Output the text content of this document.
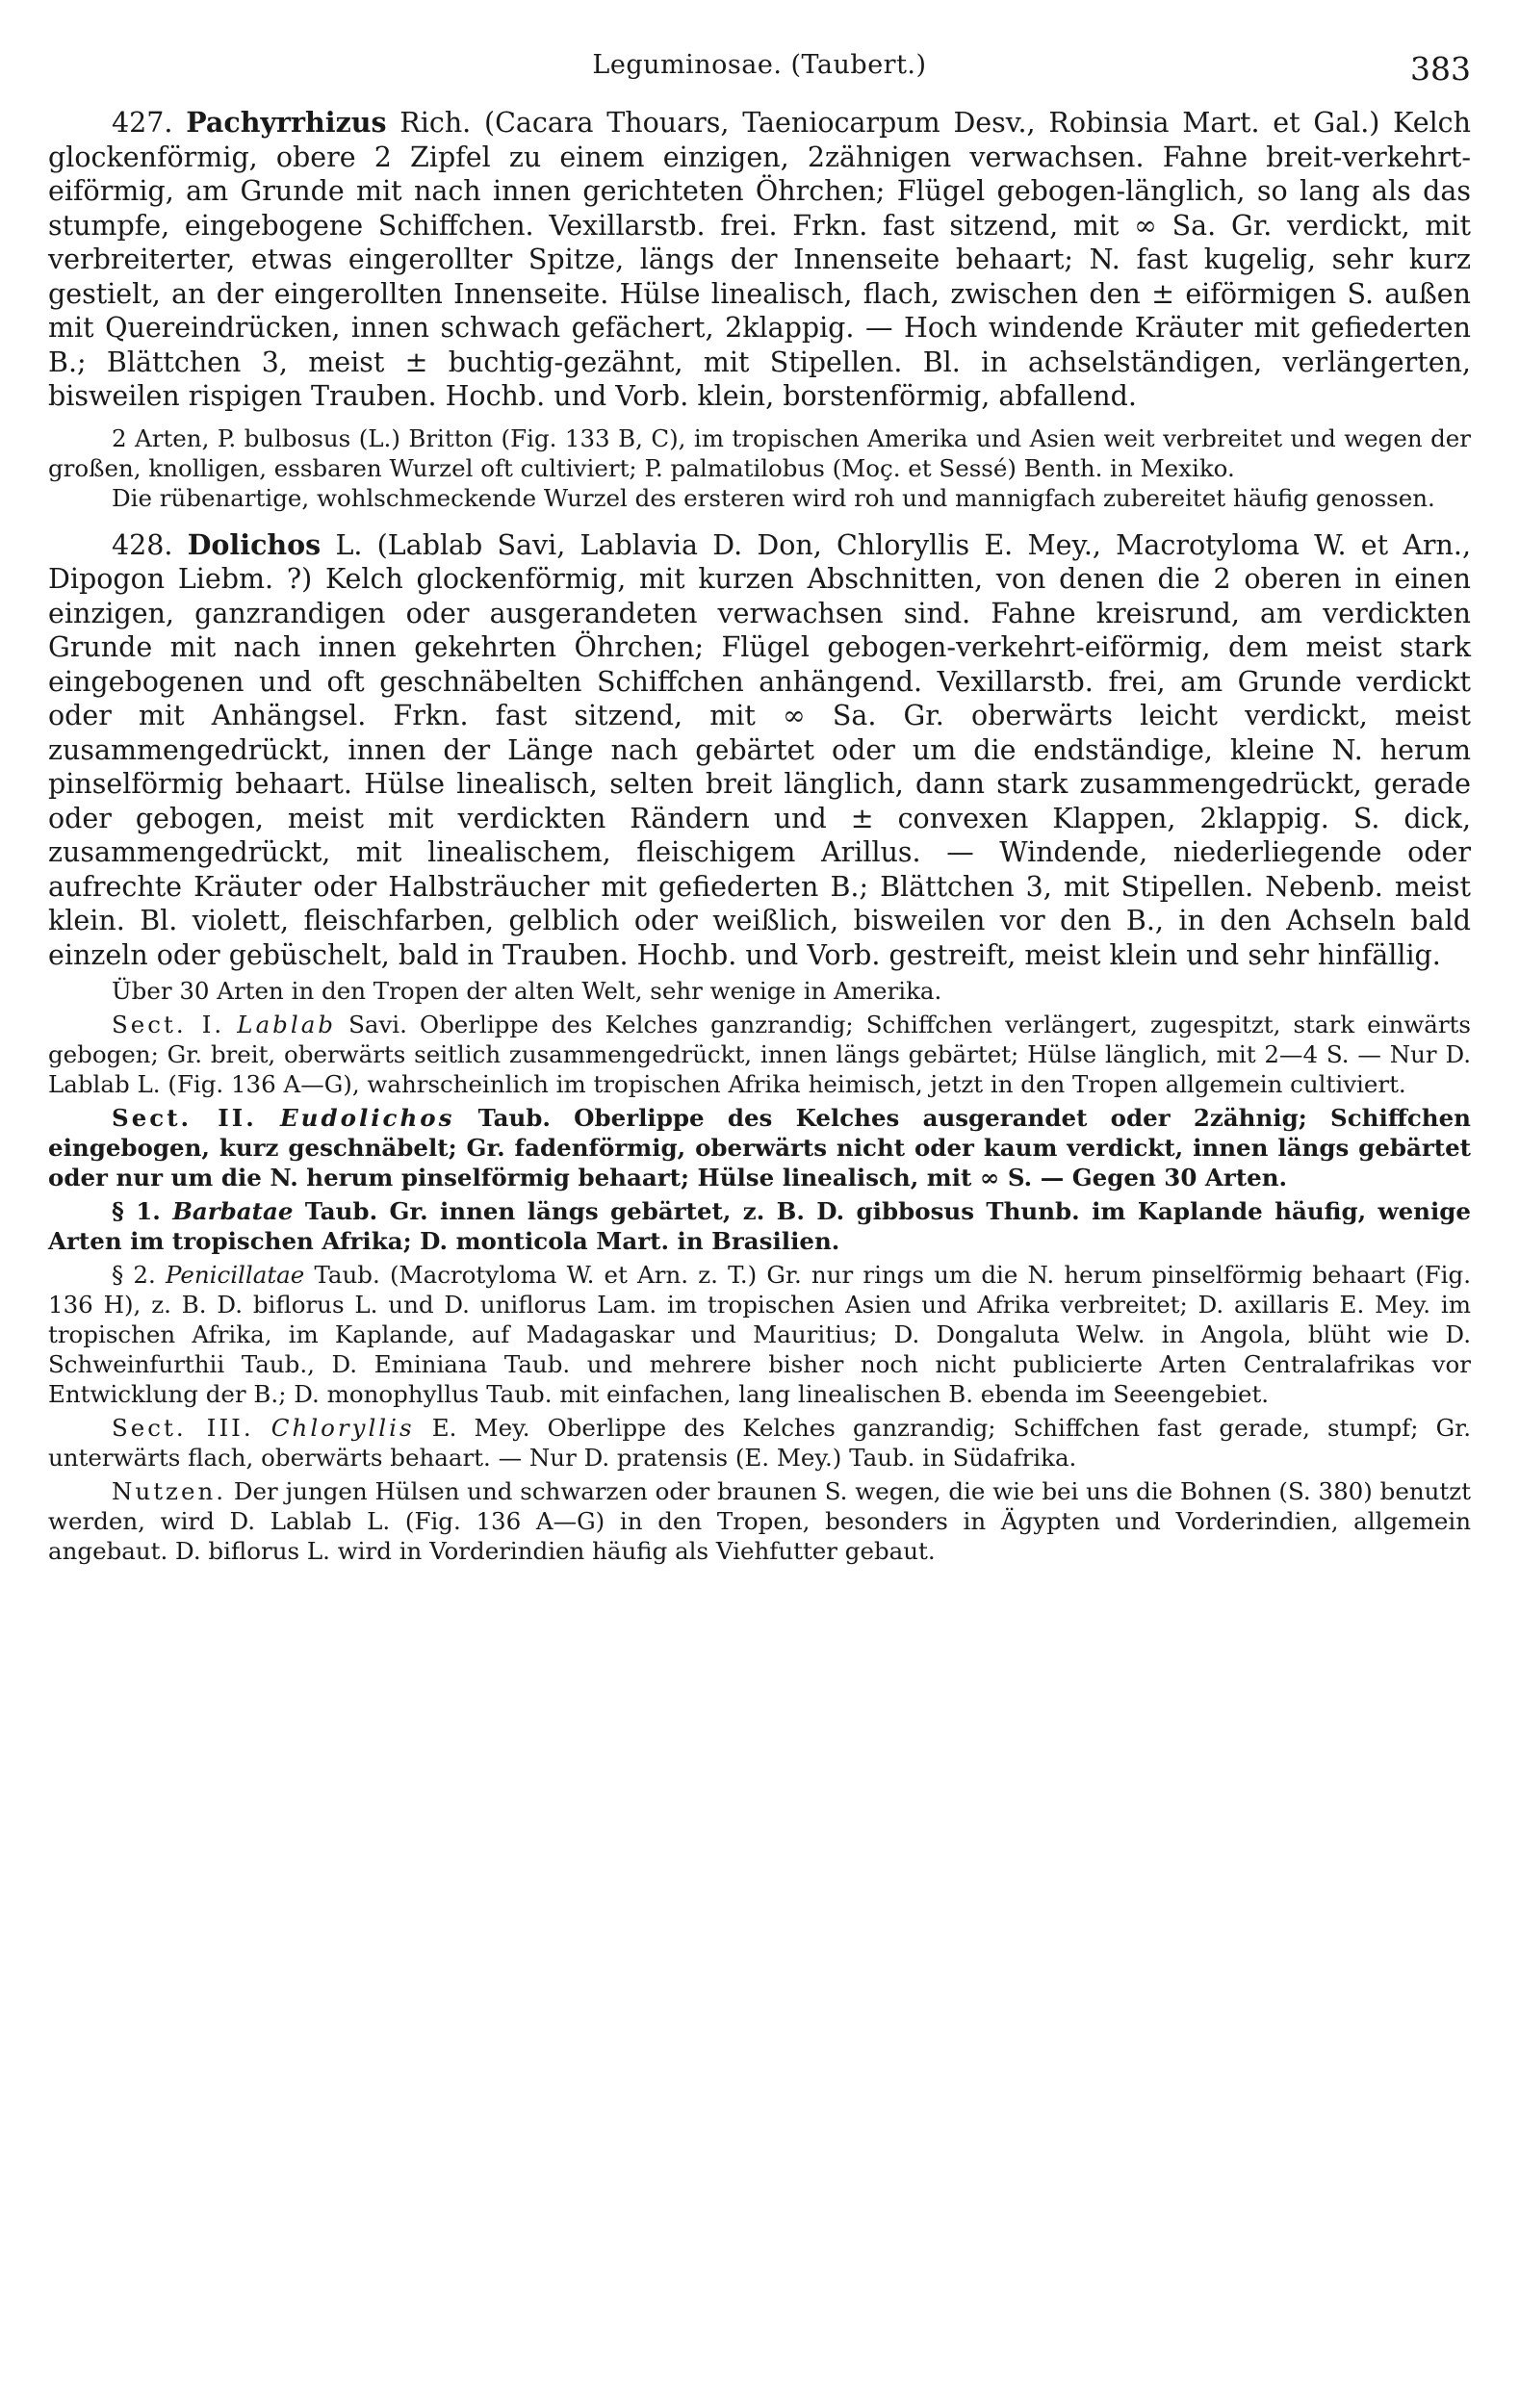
Leguminosae. (Taubert.)	383

427. Pachyrrhizus Rich. (Cacara Thouars, Taeniocarpum Desv., Robinsia Mart. et Gal.) Kelch glockenförmig, obere 2 Zipfel zu einem einzigen, 2zähnigen verwachsen. Fahne breit-verkehrt-eiförmig, am Grunde mit nach innen gerichteten Öhrchen; Flügel gebogen-länglich, so lang als das stumpfe, eingebogene Schiffchen. Vexillarstb. frei. Frkn. fast sitzend, mit ∞ Sa. Gr. verdickt, mit verbreiterter, etwas eingerollter Spitze, längs der Innenseite behaart; N. fast kugelig, sehr kurz gestielt, an der eingerollten Innenseite. Hülse linealisch, flach, zwischen den ± eiförmigen S. außen mit Quereindrücken, innen schwach gefächert, 2klappig. — Hoch windende Kräuter mit gefiederten B.; Blättchen 3, meist ± buchtig-gezähnt, mit Stipellen. Bl. in achselständigen, verlängerten, bisweilen rispigen Trauben. Hochb. und Vorb. klein, borstenförmig, abfallend.

2 Arten, P. bulbosus (L.) Britton (Fig. 133 B, C), im tropischen Amerika und Asien weit verbreitet und wegen der großen, knolligen, essbaren Wurzel oft cultiviert; P. palmatilobus (Moç. et Sessé) Benth. in Mexiko.

Die rübenartige, wohlschmeckende Wurzel des ersteren wird roh und mannigfach zubereitet häufig genossen.

428. Dolichos L. (Lablab Savi, Lablavia D. Don, Chloryllis E. Mey., Macrotyloma W. et Arn., Dipogon Liebm. ?) Kelch glockenförmig, mit kurzen Abschnitten, von denen die 2 oberen in einen einzigen, ganzrandigen oder ausgerandeten verwachsen sind. Fahne kreisrund, am verdickten Grunde mit nach innen gekehrten Öhrchen; Flügel gebogen-verkehrt-eiförmig, dem meist stark eingebogenen und oft geschnäbelten Schiffchen anhängend. Vexillarstb. frei, am Grunde verdickt oder mit Anhängsel. Frkn. fast sitzend, mit ∞ Sa. Gr. oberwärts leicht verdickt, meist zusammengedrückt, innen der Länge nach gebärtet oder um die endständige, kleine N. herum pinselförmig behaart. Hülse linealisch, selten breit länglich, dann stark zusammengedrückt, gerade oder gebogen, meist mit verdickten Rändern und ± convexen Klappen, 2klappig. S. dick, zusammengedrückt, mit linealischem, fleischigem Arillus. — Windende, niederliegende oder aufrechte Kräuter oder Halbsträucher mit gefiederten B.; Blättchen 3, mit Stipellen. Nebenb. meist klein. Bl. violett, fleischfarben, gelblich oder weißlich, bisweilen vor den B., in den Achseln bald einzeln oder gebüschelt, bald in Trauben. Hochb. und Vorb. gestreift, meist klein und sehr hinfällig.

Über 30 Arten in den Tropen der alten Welt, sehr wenige in Amerika.

Sect. I. Lablab Savi. Oberlippe des Kelches ganzrandig; Schiffchen verlängert, zugespitzt, stark einwärts gebogen; Gr. breit, oberwärts seitlich zusammengedrückt, innen längs gebärtet; Hülse länglich, mit 2—4 S. — Nur D. Lablab L. (Fig. 136 A—G), wahrscheinlich im tropischen Afrika heimisch, jetzt in den Tropen allgemein cultiviert.

Sect. II. Eudolichos Taub. Oberlippe des Kelches ausgerandet oder 2zähnig; Schiffchen eingebogen, kurz geschnäbelt; Gr. fadenförmig, oberwärts nicht oder kaum verdickt, innen längs gebärtet oder nur um die N. herum pinselförmig behaart; Hülse linealisch, mit ∞ S. — Gegen 30 Arten.

§ 1. Barbatae Taub. Gr. innen längs gebärtet, z. B. D. gibbosus Thunb. im Kaplande häufig, wenige Arten im tropischen Afrika; D. monticola Mart. in Brasilien.

§ 2. Penicillatae Taub. (Macrotyloma W. et Arn. z. T.) Gr. nur rings um die N. herum pinselförmig behaart (Fig. 136 H), z. B. D. biflorus L. und D. uniflorus Lam. im tropischen Asien und Afrika verbreitet; D. axillaris E. Mey. im tropischen Afrika, im Kaplande, auf Madagaskar und Mauritius; D. Dongaluta Welw. in Angola, blüht wie D. Schweinfurthii Taub., D. Eminiana Taub. und mehrere bisher noch nicht publicierte Arten Centralafrikas vor Entwicklung der B.; D. monophyllus Taub. mit einfachen, lang linealischen B. ebenda im Seeengebiet.

Sect. III. Chloryllis E. Mey. Oberlippe des Kelches ganzrandig; Schiffchen fast gerade, stumpf; Gr. unterwärts flach, oberwärts behaart. — Nur D. pratensis (E. Mey.) Taub. in Südafrika.

Nutzen. Der jungen Hülsen und schwarzen oder braunen S. wegen, die wie bei uns die Bohnen (S. 380) benutzt werden, wird D. Lablab L. (Fig. 136 A—G) in den Tropen, besonders in Ägypten und Vorderindien, allgemein angebaut. D. biflorus L. wird in Vorderindien häufig als Viehfutter gebaut.
